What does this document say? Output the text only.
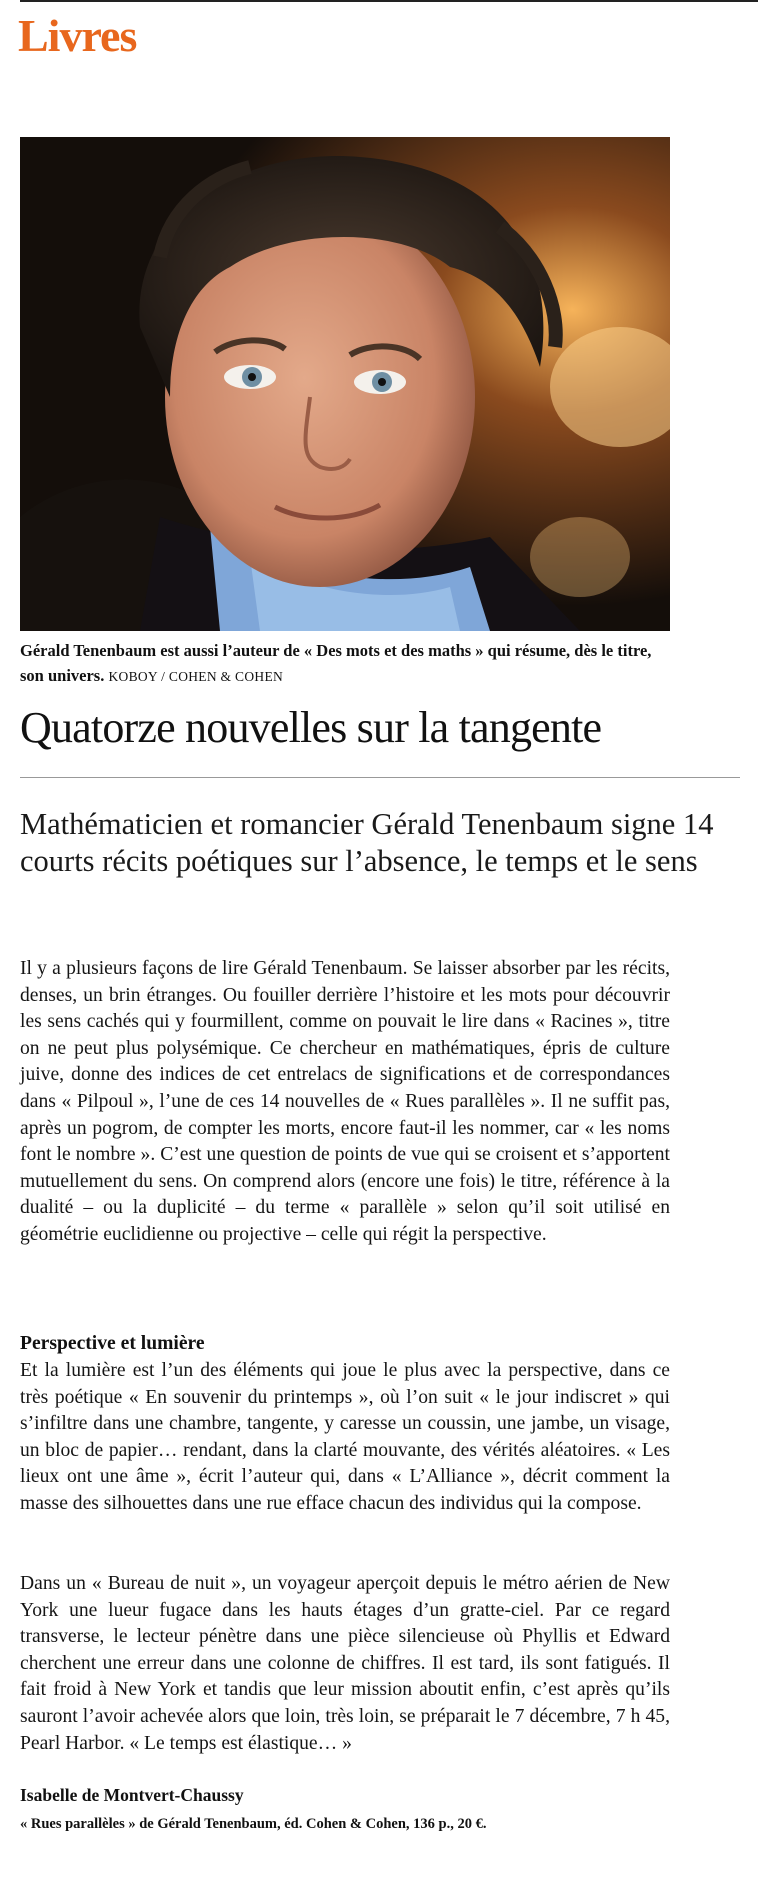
Livres
Gérald Tenenbaum est aussi l’auteur de « Des mots et des maths » qui résume, dès le titre, son univers. KOBOY / COHEN & COHEN
Quatorze nouvelles sur la tangente
Mathématicien et romancier Gérald Tenenbaum signe 14 courts récits poétiques sur l’absence, le temps et le sens

Il y a plusieurs façons de lire Gérald Tenenbaum. Se laisser absorber par les récits, denses, un brin étranges. Ou fouiller derrière l’histoire et les mots pour découvrir les sens cachés qui y fourmillent, comme on pouvait le lire dans « Racines », titre on ne peut plus polysémique. Ce chercheur en mathématiques, épris de culture juive, donne des indices de cet entrelacs de significations et de correspondances dans « Pilpoul », l’une de ces 14 nouvelles de « Rues parallèles ». Il ne suffit pas, après un pogrom, de compter les morts, encore faut-il les nommer, car « les noms font le nombre ». C’est une question de points de vue qui se croisent et s’apportent mutuellement du sens. On comprend alors (encore une fois) le titre, référence à la dualité – ou la duplicité – du terme « parallèle » selon qu’il soit utilisé en géométrie euclidienne ou projective – celle qui régit la perspective.

Perspective et lumière

Et la lumière est l’un des éléments qui joue le plus avec la perspective, dans ce très poétique « En souvenir du printemps », où l’on suit « le jour indiscret » qui s’infiltre dans une chambre, tangente, y caresse un coussin, une jambe, un visage, un bloc de papier… rendant, dans la clarté mouvante, des vérités aléatoires. « Les lieux ont une âme », écrit l’auteur qui, dans « L’Alliance », décrit comment la masse des silhouettes dans une rue efface chacun des individus qui la compose.

Dans un « Bureau de nuit », un voyageur aperçoit depuis le métro aérien de New York une lueur fugace dans les hauts étages d’un gratte-ciel. Par ce regard transverse, le lecteur pénètre dans une pièce silencieuse où Phyllis et Edward cherchent une erreur dans une colonne de chiffres. Il est tard, ils sont fatigués. Il fait froid à New York et tandis que leur mission aboutit enfin, c’est après qu’ils sauront l’avoir achevée alors que loin, très loin, se préparait le 7 décembre, 7 h 45, Pearl Harbor. « Le temps est élastique… »

Isabelle de Montvert-Chaussy
« Rues parallèles » de Gérald Tenenbaum, éd. Cohen & Cohen, 136 p., 20 €.
